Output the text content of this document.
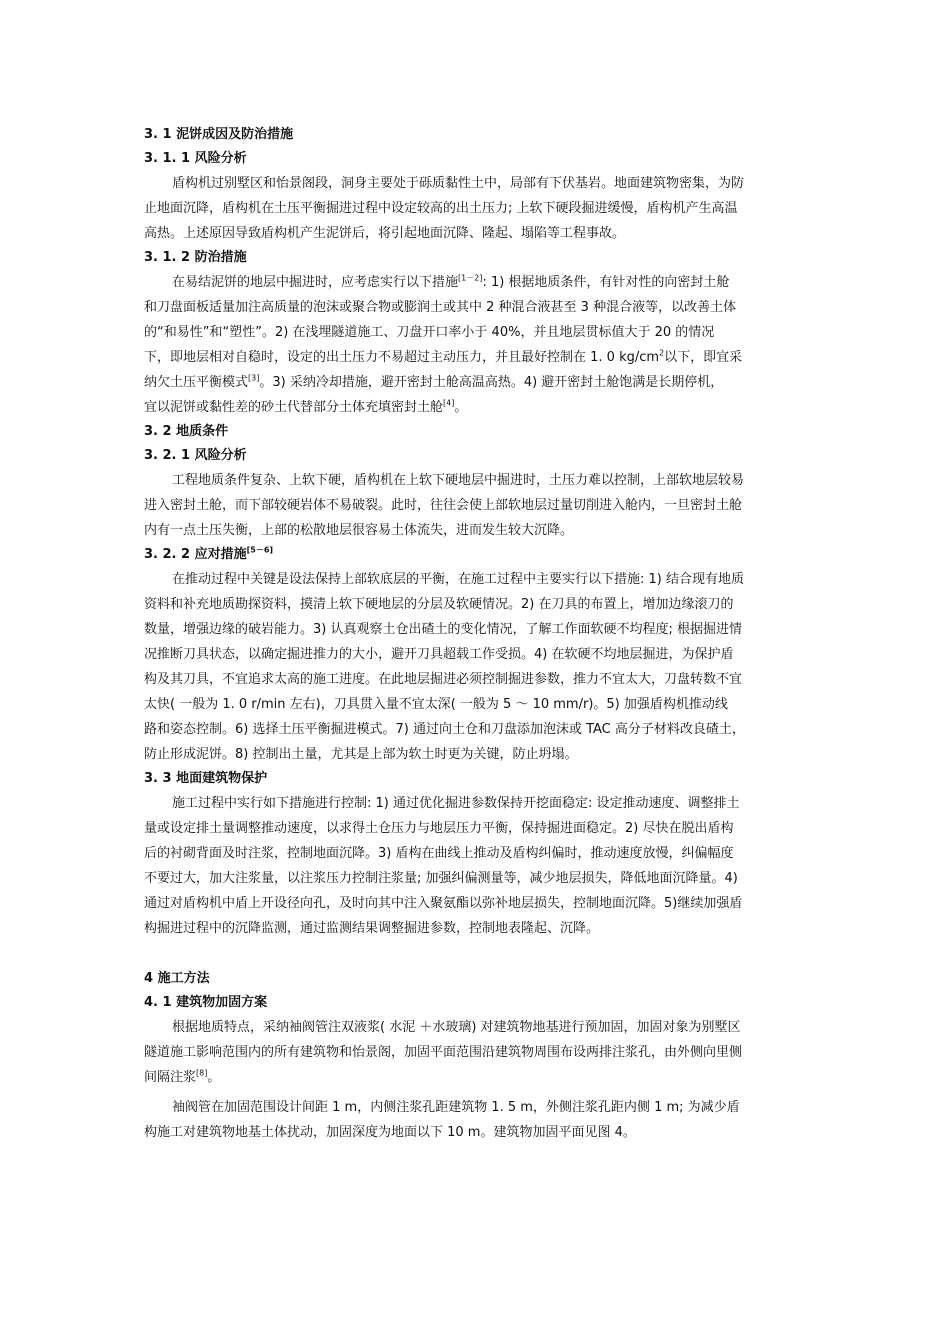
3. 1 泥饼成因及防治措施
3. 1. 1 风险分析
盾构机过别墅区和怡景阁段，洞身主要处于砾质黏性土中，局部有下伏基岩。地面建筑物密集，为防
止地面沉降，盾构机在土压平衡掘进过程中设定较高的出土压力; 上软下硬段掘进缓慢，盾构机产生高温
高热。上述原因导致盾构机产生泥饼后，将引起地面沉降、隆起、塌陷等工程事故。
3. 1. 2 防治措施
在易结泥饼的地层中掘进时，应考虑实行以下措施[1－2]: 1) 根据地质条件，有针对性的向密封土舱
和刀盘面板适量加注高质量的泡沫或聚合物或膨润土或其中 2 种混合液甚至 3 种混合液等，以改善土体
的“和易性”和“塑性”。2) 在浅埋隧道施工、刀盘开口率小于 40%，并且地层贯标值大于 20 的情况
下，即地层相对自稳时，设定的出土压力不易超过主动压力，并且最好控制在 1. 0 $kg/cm^2$以下，即宜采
纳欠土压平衡模式[3]。3) 采纳冷却措施，避开密封土舱高温高热。4) 避开密封土舱饱满是长期停机，
宜以泥饼或黏性差的砂土代替部分土体充填密封土舱[4]。
3. 2 地质条件
3. 2. 1 风险分析
工程地质条件复杂、上软下硬，盾构机在上软下硬地层中掘进时，土压力难以控制，上部软地层较易
进入密封土舱，而下部较硬岩体不易破裂。此时，往往会使上部软地层过量切削进入舱内，一旦密封土舱
内有一点土压失衡，上部的松散地层很容易土体流失，进而发生较大沉降。
3. 2. 2 应对措施[5－6]
在推动过程中关键是设法保持上部软底层的平衡，在施工过程中主要实行以下措施: 1) 结合现有地质
资料和补充地质勘探资料，摸清上软下硬地层的分层及软硬情况。2) 在刀具的布置上，增加边缘滚刀的
数量，增强边缘的破岩能力。3) 认真观察土仓出碴土的变化情况，了解工作面软硬不均程度; 根据掘进情
况推断刀具状态，以确定掘进推力的大小，避开刀具超载工作受损。4) 在软硬不均地层掘进，为保护盾
构及其刀具，不宜追求太高的施工进度。在此地层掘进必须控制掘进参数，推力不宜太大，刀盘转数不宜
太快( 一般为 1. 0 r/min 左右)，刀具贯入量不宜太深( 一般为 5 ～ 10 mm/r)。5) 加强盾构机推动线
路和姿态控制。6) 选择土压平衡掘进模式。7) 通过向土仓和刀盘添加泡沫或 TAC 高分子材料改良碴土，
防止形成泥饼。8) 控制出土量，尤其是上部为软土时更为关键，防止坍塌。
3. 3 地面建筑物保护
施工过程中实行如下措施进行控制: 1) 通过优化掘进参数保持开挖面稳定: 设定推动速度、调整排土
量或设定排土量调整推动速度，以求得土仓压力与地层压力平衡，保持掘进面稳定。2) 尽快在脱出盾构
后的衬砌背面及时注浆，控制地面沉降。3) 盾构在曲线上推动及盾构纠偏时，推动速度放慢，纠偏幅度
不要过大，加大注浆量，以注浆压力控制注浆量; 加强纠偏测量等，减少地层损失，降低地面沉降量。4)
通过对盾构机中盾上开设径向孔，及时向其中注入聚氨酯以弥补地层损失，控制地面沉降。5)继续加强盾
构掘进过程中的沉降监测，通过监测结果调整掘进参数，控制地表隆起、沉降。
4 施工方法
4. 1 建筑物加固方案
根据地质特点，采纳袖阀管注双液浆( 水泥 ＋水玻璃) 对建筑物地基进行预加固，加固对象为别墅区
隧道施工影响范围内的所有建筑物和怡景阁，加固平面范围沿建筑物周围布设两排注浆孔，由外侧向里侧
间隔注浆[8]。
袖阀管在加固范围设计间距 1 m，内侧注浆孔距建筑物 1. 5 m，外侧注浆孔距内侧 1 m; 为减少盾
构施工对建筑物地基土体扰动，加固深度为地面以下 10 m。建筑物加固平面见图 4。
